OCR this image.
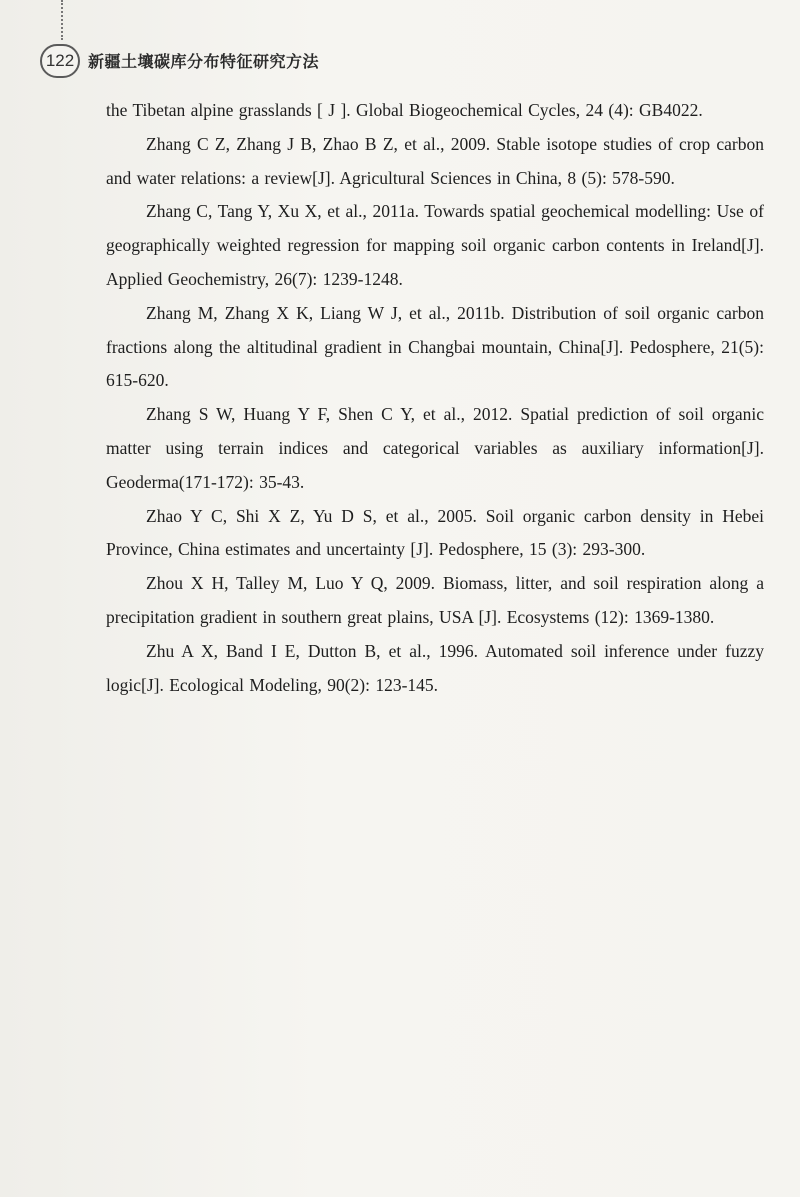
122 新疆土壤碳库分布特征研究方法

the Tibetan alpine grasslands [ J ]. Global Biogeochemical Cycles, 24 (4): GB4022.

Zhang C Z, Zhang J B, Zhao B Z, et al., 2009. Stable isotope studies of crop carbon and water relations: a review[J]. Agricultural Sciences in China, 8 (5): 578-590.

Zhang C, Tang Y, Xu X, et al., 2011a. Towards spatial geochemical modelling: Use of geographically weighted regression for mapping soil organic carbon contents in Ireland[J]. Applied Geochemistry, 26(7): 1239-1248.

Zhang M, Zhang X K, Liang W J, et al., 2011b. Distribution of soil organic carbon fractions along the altitudinal gradient in Changbai mountain, China[J]. Pedosphere, 21(5): 615-620.

Zhang S W, Huang Y F, Shen C Y, et al., 2012. Spatial prediction of soil organic matter using terrain indices and categorical variables as auxiliary information[J]. Geoderma(171-172): 35-43.

Zhao Y C, Shi X Z, Yu D S, et al., 2005. Soil organic carbon density in Hebei Province, China estimates and uncertainty [J]. Pedosphere, 15 (3): 293-300.

Zhou X H, Talley M, Luo Y Q, 2009. Biomass, litter, and soil respiration along a precipitation gradient in southern great plains, USA [J]. Ecosystems (12): 1369-1380.

Zhu A X, Band I E, Dutton B, et al., 1996. Automated soil inference under fuzzy logic[J]. Ecological Modeling, 90(2): 123-145.
